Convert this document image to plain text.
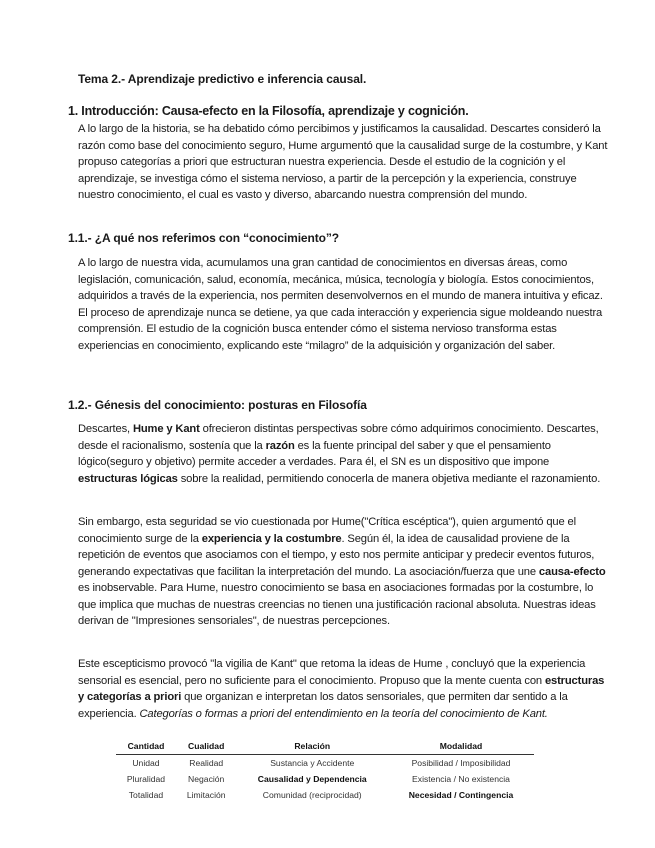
Tema 2.- Aprendizaje predictivo e inferencia causal.
1. Introducción: Causa-efecto en la Filosofía, aprendizaje y cognición.

A lo largo de la historia, se ha debatido cómo percibimos y justificamos la causalidad. Descartes consideró la razón como base del conocimiento seguro, Hume argumentó que la causalidad surge de la costumbre, y Kant propuso categorías a priori que estructuran nuestra experiencia. Desde el estudio de la cognición y el aprendizaje, se investiga cómo el sistema nervioso, a partir de la percepción y la experiencia, construye nuestro conocimiento, el cual es vasto y diverso, abarcando nuestra comprensión del mundo.

1.1.- ¿A qué nos referimos con “conocimiento”?

A lo largo de nuestra vida, acumulamos una gran cantidad de conocimientos en diversas áreas, como legislación, comunicación, salud, economía, mecánica, música, tecnología y biología. Estos conocimientos, adquiridos a través de la experiencia, nos permiten desenvolvernos en el mundo de manera intuitiva y eficaz. El proceso de aprendizaje nunca se detiene, ya que cada interacción y experiencia sigue moldeando nuestra comprensión. El estudio de la cognición busca entender cómo el sistema nervioso transforma estas experiencias en conocimiento, explicando este “milagro” de la adquisición y organización del saber.

1.2.- Génesis del conocimiento: posturas en Filosofía

Descartes, Hume y Kant ofrecieron distintas perspectivas sobre cómo adquirimos conocimiento. Descartes, desde el racionalismo, sostenía que la razón es la fuente principal del saber y que el pensamiento lógico(seguro y objetivo) permite acceder a verdades. Para él, el SN es un dispositivo que impone estructuras lógicas sobre la realidad, permitiendo conocerla de manera objetiva mediante el razonamiento.

Sin embargo, esta seguridad se vio cuestionada por Hume("Crítica escéptica"), quien argumentó que el conocimiento surge de la experiencia y la costumbre. Según él, la idea de causalidad proviene de la repetición de eventos que asociamos con el tiempo, y esto nos permite anticipar y predecir eventos futuros, generando expectativas que facilitan la interpretación del mundo. La asociación/fuerza que une causa-efecto es inobservable. Para Hume, nuestro conocimiento se basa en asociaciones formadas por la costumbre, lo que implica que muchas de nuestras creencias no tienen una justificación racional absoluta. Nuestras ideas derivan de "Impresiones sensoriales", de nuestras percepciones.

Este escepticismo provocó "la vigilia de Kant" que retoma la ideas de Hume , concluyó que la experiencia sensorial es esencial, pero no suficiente para el conocimiento. Propuso que la mente cuenta con estructuras y categorías a priori que organizan e interpretan los datos sensoriales, que permiten dar sentido a la experiencia. Categorías o formas a priori del entendimiento en la teoría del conocimiento de Kant.

Cantidad	Cualidad	Relación	Modalidad
Unidad	Realidad	Sustancia y Accidente	Posibilidad / Imposibilidad
Pluralidad	Negación	Causalidad y Dependencia	Existencia / No existencia
Totalidad	Limitación	Comunidad (reciprocidad)	Necesidad / Contingencia
